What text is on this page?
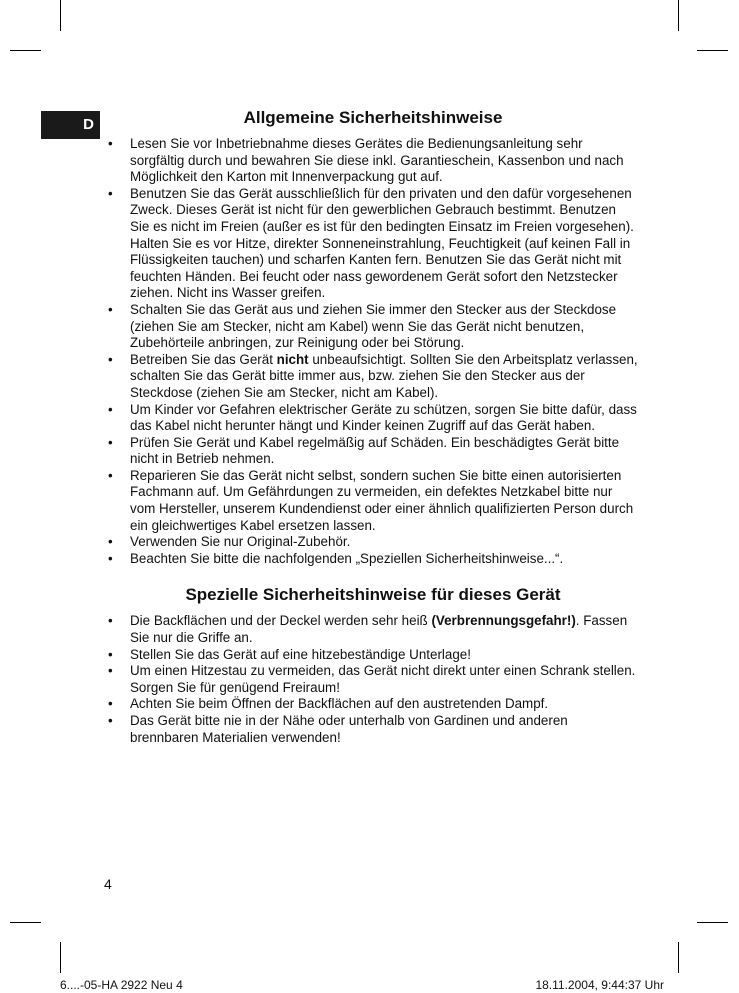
D	Allgemeine Sicherheitshinweise
• Lesen Sie vor Inbetriebnahme dieses Gerätes die Bedienungsanleitung sehr sorgfältig durch und bewahren Sie diese inkl. Garantieschein, Kassenbon und nach Möglichkeit den Karton mit Innenverpackung gut auf.
• Benutzen Sie das Gerät ausschließlich für den privaten und den dafür vorgesehenen Zweck. Dieses Gerät ist nicht für den gewerblichen Gebrauch bestimmt. Benutzen Sie es nicht im Freien (außer es ist für den bedingten Einsatz im Freien vorgesehen). Halten Sie es vor Hitze, direkter Sonneneinstrahlung, Feuchtigkeit (auf keinen Fall in Flüssigkeiten tauchen) und scharfen Kanten fern. Benutzen Sie das Gerät nicht mit feuchten Händen. Bei feucht oder nass gewordenem Gerät sofort den Netzstecker ziehen. Nicht ins Wasser greifen.
• Schalten Sie das Gerät aus und ziehen Sie immer den Stecker aus der Steckdose (ziehen Sie am Stecker, nicht am Kabel) wenn Sie das Gerät nicht benutzen, Zubehörteile anbringen, zur Reinigung oder bei Störung.
• Betreiben Sie das Gerät nicht unbeaufsichtigt. Sollten Sie den Arbeitsplatz verlassen, schalten Sie das Gerät bitte immer aus, bzw. ziehen Sie den Stecker aus der Steckdose (ziehen Sie am Stecker, nicht am Kabel).
• Um Kinder vor Gefahren elektrischer Geräte zu schützen, sorgen Sie bitte dafür, dass das Kabel nicht herunter hängt und Kinder keinen Zugriff auf das Gerät haben.
• Prüfen Sie Gerät und Kabel regelmäßig auf Schäden. Ein beschädigtes Gerät bitte nicht in Betrieb nehmen.
• Reparieren Sie das Gerät nicht selbst, sondern suchen Sie bitte einen autorisierten Fachmann auf. Um Gefährdungen zu vermeiden, ein defektes Netzkabel bitte nur vom Hersteller, unserem Kundendienst oder einer ähnlich qualifizierten Person durch ein gleichwertiges Kabel ersetzen lassen.
• Verwenden Sie nur Original-Zubehör.
• Beachten Sie bitte die nachfolgenden „Speziellen Sicherheitshinweise...“.
Spezielle Sicherheitshinweise für dieses Gerät
• Die Backflächen und der Deckel werden sehr heiß (Verbrennungsgefahr!). Fassen Sie nur die Griffe an.
• Stellen Sie das Gerät auf eine hitzebeständige Unterlage!
• Um einen Hitzestau zu vermeiden, das Gerät nicht direkt unter einen Schrank stellen. Sorgen Sie für genügend Freiraum!
• Achten Sie beim Öffnen der Backflächen auf den austretenden Dampf.
• Das Gerät bitte nie in der Nähe oder unterhalb von Gardinen und anderen brennbaren Materialien verwenden!
4
6....-05-HA 2922 Neu 4	18.11.2004, 9:44:37 Uhr
